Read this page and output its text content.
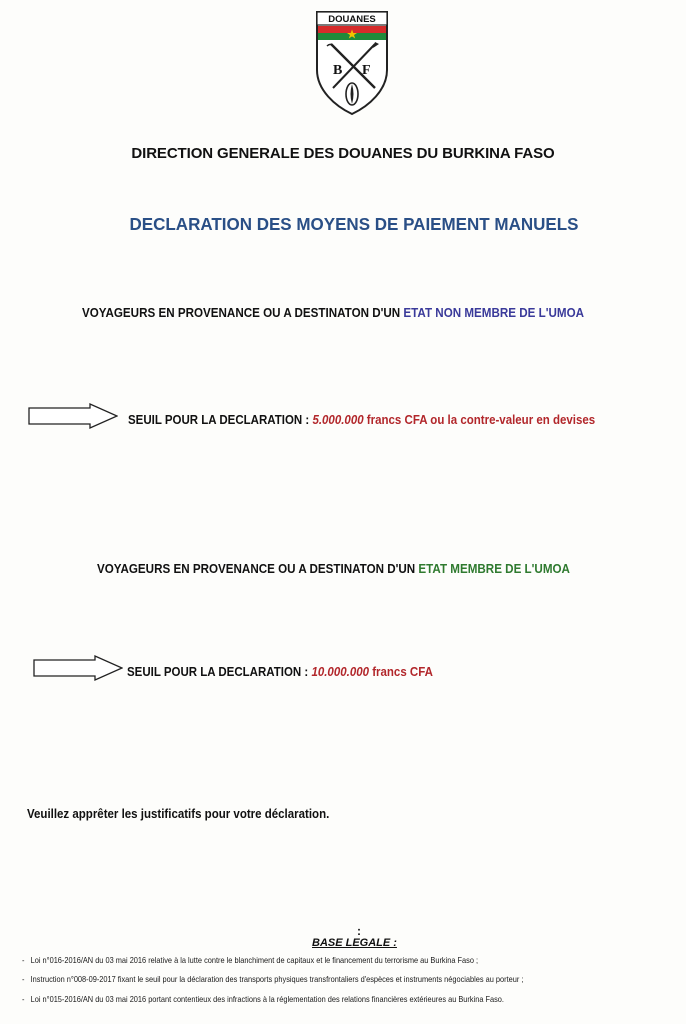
DOUANES
B F
DIRECTION GENERALE DES DOUANES DU BURKINA FASO
DECLARATION DES MOYENS DE PAIEMENT MANUELS
VOYAGEURS EN PROVENANCE OU A DESTINATON D'UN ETAT NON MEMBRE DE L'UMOA
SEUIL POUR LA DECLARATION : 5.000.000 francs CFA ou la contre-valeur en devises
VOYAGEURS EN PROVENANCE OU A DESTINATON D'UN ETAT MEMBRE DE L'UMOA
SEUIL POUR LA DECLARATION : 10.000.000 francs CFA
Veuillez apprêter les justificatifs pour votre déclaration.
:
BASE LEGALE :
- Loi n°016-2016/AN du 03 mai 2016 relative à la lutte contre le blanchiment de capitaux et le financement du terrorisme au Burkina Faso ;
- Instruction n°008-09-2017 fixant le seuil pour la déclaration des transports physiques transfrontaliers d'espèces et instruments négociables au porteur ;
- Loi n°015-2016/AN du 03 mai 2016 portant contentieux des infractions à la réglementation des relations financières extérieures au Burkina Faso.
